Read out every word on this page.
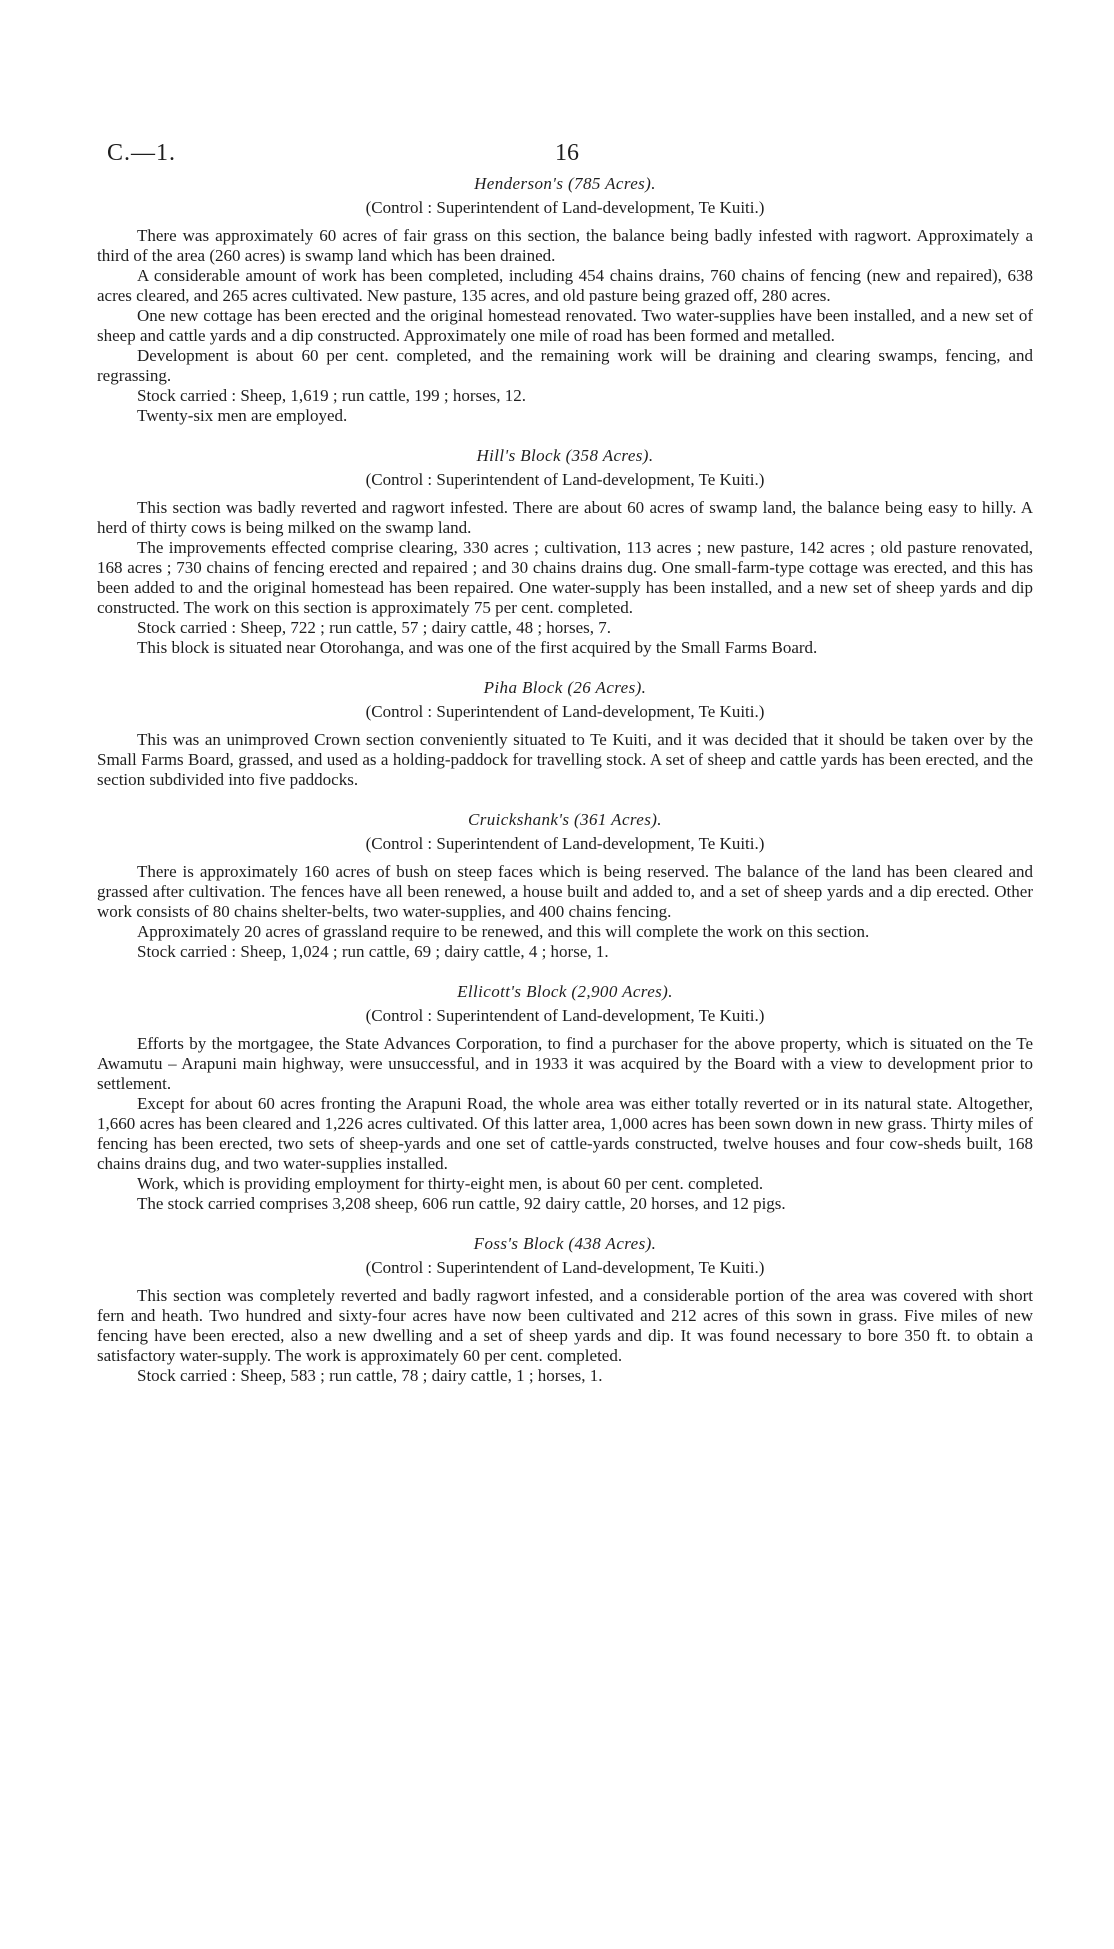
C.—1.	16
Henderson's (785 Acres).
(Control : Superintendent of Land-development, Te Kuiti.)

There was approximately 60 acres of fair grass on this section, the balance being badly infested with ragwort. Approximately a third of the area (260 acres) is swamp land which has been drained.

A considerable amount of work has been completed, including 454 chains drains, 760 chains of fencing (new and repaired), 638 acres cleared, and 265 acres cultivated. New pasture, 135 acres, and old pasture being grazed off, 280 acres.

One new cottage has been erected and the original homestead renovated. Two water-supplies have been installed, and a new set of sheep and cattle yards and a dip constructed. Approximately one mile of road has been formed and metalled.

Development is about 60 per cent. completed, and the remaining work will be draining and clearing swamps, fencing, and regrassing.

Stock carried : Sheep, 1,619 ; run cattle, 199 ; horses, 12.

Twenty-six men are employed.

Hill's Block (358 Acres).
(Control : Superintendent of Land-development, Te Kuiti.)

This section was badly reverted and ragwort infested. There are about 60 acres of swamp land, the balance being easy to hilly. A herd of thirty cows is being milked on the swamp land.

The improvements effected comprise clearing, 330 acres ; cultivation, 113 acres ; new pasture, 142 acres ; old pasture renovated, 168 acres ; 730 chains of fencing erected and repaired ; and 30 chains drains dug. One small-farm-type cottage was erected, and this has been added to and the original homestead has been repaired. One water-supply has been installed, and a new set of sheep yards and dip constructed. The work on this section is approximately 75 per cent. completed.

Stock carried : Sheep, 722 ; run cattle, 57 ; dairy cattle, 48 ; horses, 7.

This block is situated near Otorohanga, and was one of the first acquired by the Small Farms Board.

Piha Block (26 Acres).
(Control : Superintendent of Land-development, Te Kuiti.)

This was an unimproved Crown section conveniently situated to Te Kuiti, and it was decided that it should be taken over by the Small Farms Board, grassed, and used as a holding-paddock for travelling stock. A set of sheep and cattle yards has been erected, and the section subdivided into five paddocks.

Cruickshank's (361 Acres).
(Control : Superintendent of Land-development, Te Kuiti.)

There is approximately 160 acres of bush on steep faces which is being reserved. The balance of the land has been cleared and grassed after cultivation. The fences have all been renewed, a house built and added to, and a set of sheep yards and a dip erected. Other work consists of 80 chains shelter-belts, two water-supplies, and 400 chains fencing.

Approximately 20 acres of grassland require to be renewed, and this will complete the work on this section.

Stock carried : Sheep, 1,024 ; run cattle, 69 ; dairy cattle, 4 ; horse, 1.

Ellicott's Block (2,900 Acres).
(Control : Superintendent of Land-development, Te Kuiti.)

Efforts by the mortgagee, the State Advances Corporation, to find a purchaser for the above property, which is situated on the Te Awamutu – Arapuni main highway, were unsuccessful, and in 1933 it was acquired by the Board with a view to development prior to settlement.

Except for about 60 acres fronting the Arapuni Road, the whole area was either totally reverted or in its natural state. Altogether, 1,660 acres has been cleared and 1,226 acres cultivated. Of this latter area, 1,000 acres has been sown down in new grass. Thirty miles of fencing has been erected, two sets of sheep-yards and one set of cattle-yards constructed, twelve houses and four cow-sheds built, 168 chains drains dug, and two water-supplies installed.

Work, which is providing employment for thirty-eight men, is about 60 per cent. completed.

The stock carried comprises 3,208 sheep, 606 run cattle, 92 dairy cattle, 20 horses, and 12 pigs.

Foss's Block (438 Acres).
(Control : Superintendent of Land-development, Te Kuiti.)

This section was completely reverted and badly ragwort infested, and a considerable portion of the area was covered with short fern and heath. Two hundred and sixty-four acres have now been cultivated and 212 acres of this sown in grass. Five miles of new fencing have been erected, also a new dwelling and a set of sheep yards and dip. It was found necessary to bore 350 ft. to obtain a satisfactory water-supply. The work is approximately 60 per cent. completed.

Stock carried : Sheep, 583 ; run cattle, 78 ; dairy cattle, 1 ; horses, 1.
